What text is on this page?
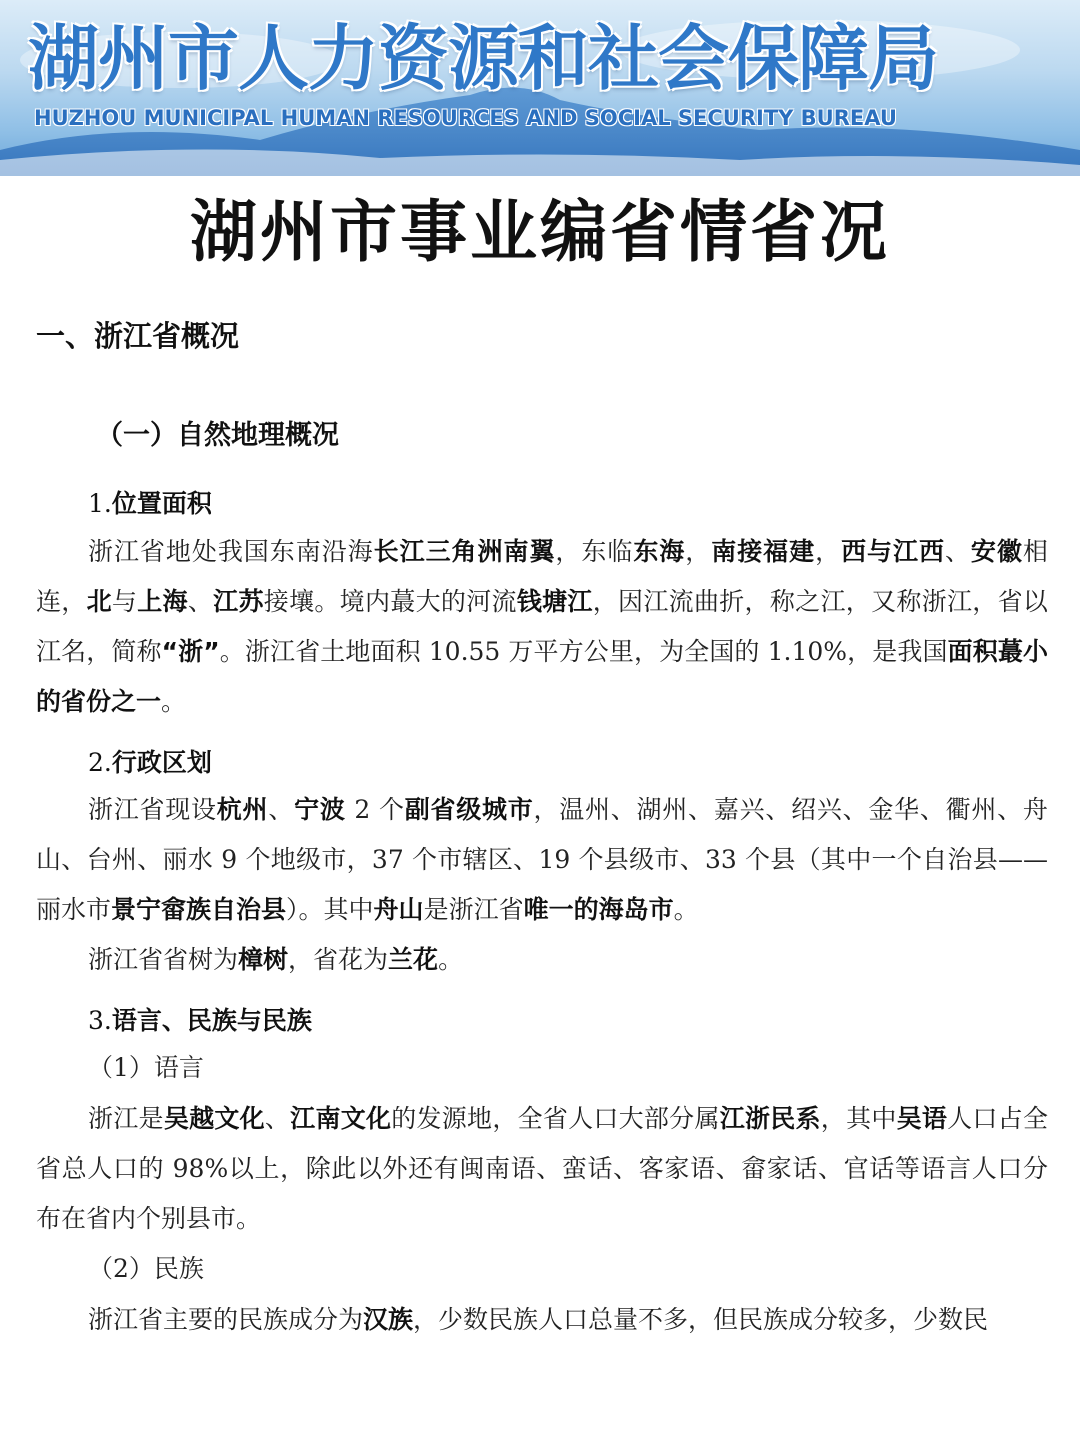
湖州市人力资源和社会保障局
HUZHOU MUNICIPAL HUMAN RESOURCES AND SOCIAL SECURITY BUREAU
湖州市事业编省情省况
一、浙江省概况
（一）自然地理概况
1.位置面积
浙江省地处我国东南沿海长江三角洲南翼，东临东海，南接福建，西与江西、安徽相连，北与上海、江苏接壤。境内蕞大的河流钱塘江，因江流曲折，称之江，又称浙江，省以江名，简称“浙”。浙江省土地面积 10.55 万平方公里，为全国的 1.10%，是我国面积蕞小的省份之一。
2.行政区划
浙江省现设杭州、宁波 2 个副省级城市，温州、湖州、嘉兴、绍兴、金华、衢州、舟山、台州、丽水 9 个地级市，37 个市辖区、19 个县级市、33 个县（其中一个自治县——丽水市景宁畲族自治县）。其中舟山是浙江省唯一的海岛市。
浙江省省树为樟树，省花为兰花。
3.语言、民族与民族
（1）语言
浙江是吴越文化、江南文化的发源地，全省人口大部分属江浙民系，其中吴语人口占全省总人口的 98%以上，除此以外还有闽南语、蛮话、客家语、畲家话、官话等语言人口分布在省内个别县市。
（2）民族
浙江省主要的民族成分为汉族，少数民族人口总量不多，但民族成分较多，少数民
